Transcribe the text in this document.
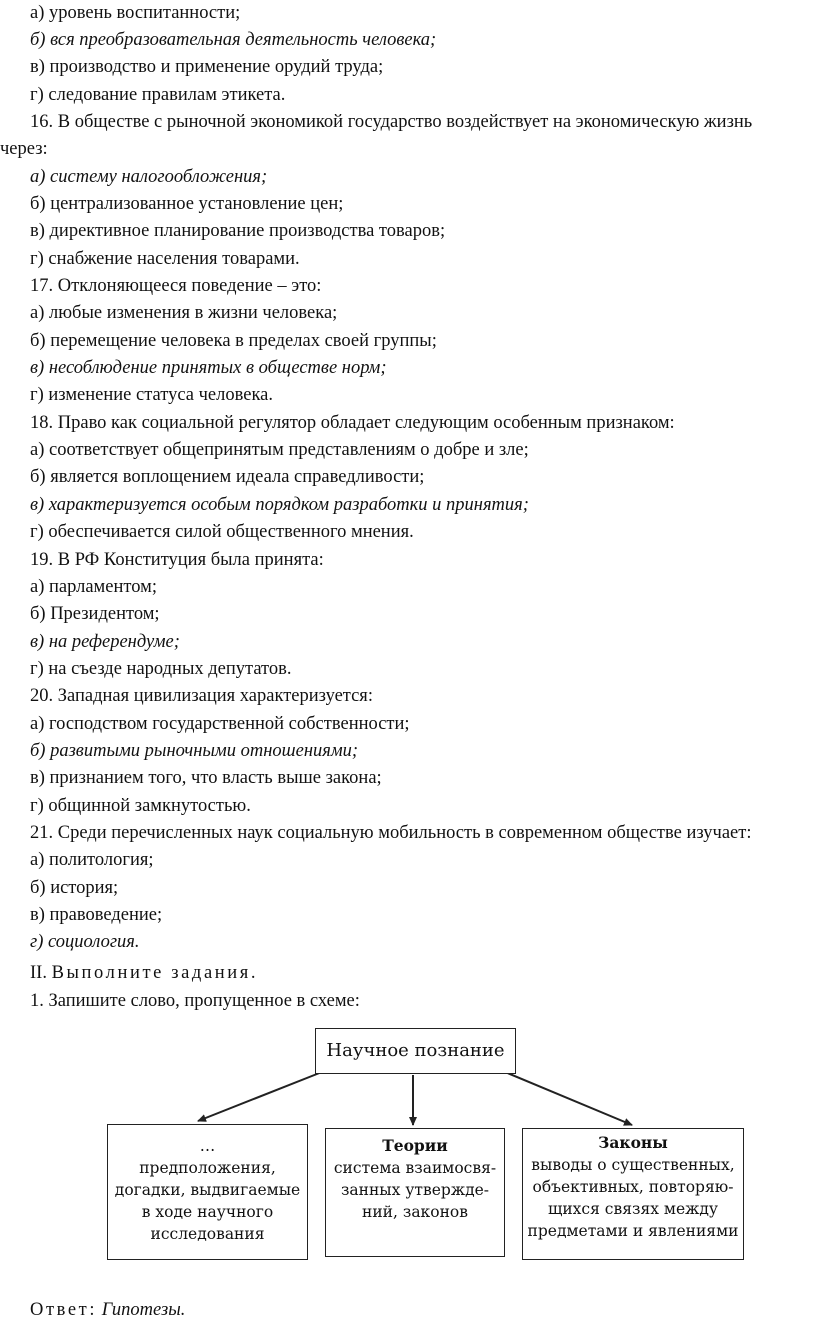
а) уровень воспитанности;
б) вся преобразовательная деятельность человека;
в) производство и применение орудий труда;
г) следование правилам этикета.
16. В обществе с рыночной экономикой государство воздействует на экономическую жизнь
через:
а) систему налогообложения;
б) централизованное установление цен;
в) директивное планирование производства товаров;
г) снабжение населения товарами.
17. Отклоняющееся поведение – это:
а) любые изменения в жизни человека;
б) перемещение человека в пределах своей группы;
в) несоблюдение принятых в обществе норм;
г) изменение статуса человека.
18. Право как социальной регулятор обладает следующим особенным признаком:
а) соответствует общепринятым представлениям о добре и зле;
б) является воплощением идеала справедливости;
в) характеризуется особым порядком разработки и принятия;
г) обеспечивается силой общественного мнения.
19. В РФ Конституция была принята:
а) парламентом;
б) Президентом;
в) на референдуме;
г) на съезде народных депутатов.
20. Западная цивилизация характеризуется:
а) господством государственной собственности;
б) развитыми рыночными отношениями;
в) признанием того, что власть выше закона;
г) общинной замкнутостью.
21. Среди перечисленных наук социальную мобильность в современном обществе изучает:
а) политология;
б) история;
в) правоведение;
г) социология.
II. Выполните задания.
1. Запишите слово, пропущенное в схеме:
Научное познание
…
предположения,
догадки, выдвигаемые
в ходе научного
исследования
Теории
система взаимосвя-
занных утвержде-
ний, законов
Законы
выводы о существенных,
объективных, повторяю-
щихся связях между
предметами и явлениями
Ответ: Гипотезы.
